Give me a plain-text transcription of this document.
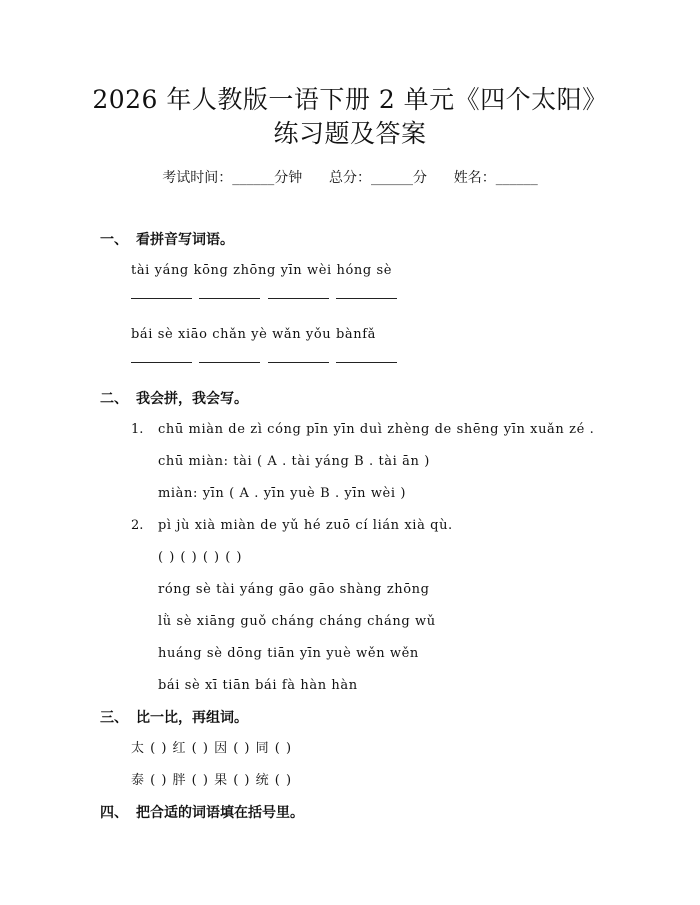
2026 年人教版一语下册 2 单元《四个太阳》
练习题及答案
考试时间：______分钟      总分：______分      姓名：______
一、 看拼音写词语。
tài yáng kōng zhōng yīn wèi hóng sè
bái sè xiāo chǎn yè wǎn yǒu bànfǎ
二、 我会拼，我会写。
1. chū miàn de zì cóng pīn yīn duì zhèng de shēng yīn xuǎn zé .
chū miàn: tài ( A . tài yáng B . tài ān )
miàn: yīn ( A . yīn yuè B . yīn wèi )
2. pì jù xià miàn de yǔ hé zuō cí lián xià qù.
( ) ( ) ( ) ( )
róng sè tài yáng gāo gāo shàng zhōng
lǜ sè xiāng guǒ cháng cháng cháng wǔ
huáng sè dōng tiān yīn yuè wěn wěn
bái sè xī tiān bái fà hàn hàn
三、 比一比，再组词。
太 ( ) 红 ( ) 因 ( ) 同 ( )
泰 ( ) 胖 ( ) 果 ( ) 统 ( )
四、 把合适的词语填在括号里。
